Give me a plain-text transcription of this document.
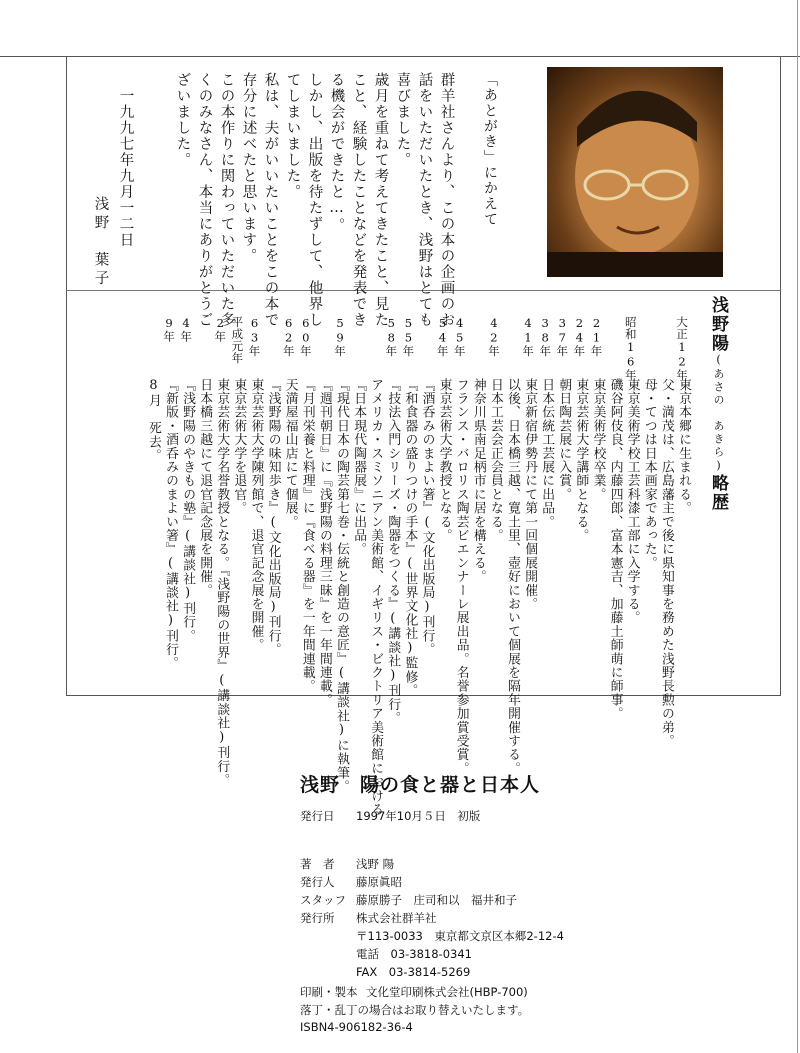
「あとがき」にかえて
群羊社さんより、この本の企画のお
話をいただいたとき、浅野はとても
喜びました。
歳月を重ねて考えてきたこと、見た
こと、経験したことなどを発表でき
る機会ができたと…。
しかし、出版を待たずして、他界し
てしまいました。
私は、夫がいいたいことをこの本で
存分に述べたと思います。
この本作りに関わっていただいた多
くのみなさん、本当にありがとうご
ざいました。
一九九七年九月一二日
浅野　葉子
浅野陽(あさの　あきら)略歴
大正12年
東京本郷に生まれる。
父・満茂は、広島藩主で後に県知事を務めた浅野長勲の弟。
母・てつは日本画家であった。
昭和16年
東京美術学校工芸科漆工部に入学する。
磯谷阿伎良、内藤四郎、富本憲吉、加藤土師萌に師事。
21年
東京美術学校卒業。
24年
東京芸術大学講師となる。
37年
朝日陶芸展に入賞。
38年
日本伝統工芸展に出品。
41年
東京新宿伊勢丹にて第一回個展開催。
以後、日本橋三越、寛土里、壺好において個展を隔年開催する。
42年
日本工芸会正会員となる。
神奈川県南足柄市に居を構える。
45年
フランス・バロリス陶芸ビエンナーレ展出品。名誉参加賞受賞。
54年
東京芸術大学教授となる。
『酒呑みのまよい箸』(文化出版局)刊行。
55年
『和食器の盛りつけの手本』(世界文化社)監修。
58年
『技法入門シリーズ・陶器をつくる』(講談社)刊行。
アメリカ・スミソニアン美術館、イギリス・ビクトリア美術館における
『日本現代陶器展』に出品。
59年
『現代日本の陶芸第七巻・伝統と創造の意匠』(講談社)に執筆。
『週刊朝日』に『浅野陽の料理三昧』を一年間連載。
60年
『月刊栄養と料理』に『食べる器』を一年間連載。
62年
天満屋福山店にて個展。
『浅野陽の味知歩き』(文化出版局)刊行。
63年
東京芸術大学陳列館で、退官記念展を開催。
平成元年
東京芸術大学を退官。
2年
東京芸術大学名誉教授となる。『浅野陽の世界』(講談社)刊行。
日本橋三越にて退官記念展を開催。
4年
『浅野陽のやきもの塾』(講談社)刊行。
9年
『新版・酒呑みのまよい箸』(講談社)刊行。
8月　死去。
浅野　陽の食と器と日本人
発行日 1997年10月５日　初版
著　者 浅野 陽
発行人 藤原眞昭
スタッフ 藤原勝子　庄司和以　福井和子
発行所 株式会社群羊社
〒113-0033　東京都文京区本郷2-12-4
電話　03-3818-0341
FAX　03-3814-5269
印刷・製本 文化堂印刷株式会社(HBP-700)
落丁・乱丁の場合はお取り替えいたします。
ISBN4-906182-36-4
